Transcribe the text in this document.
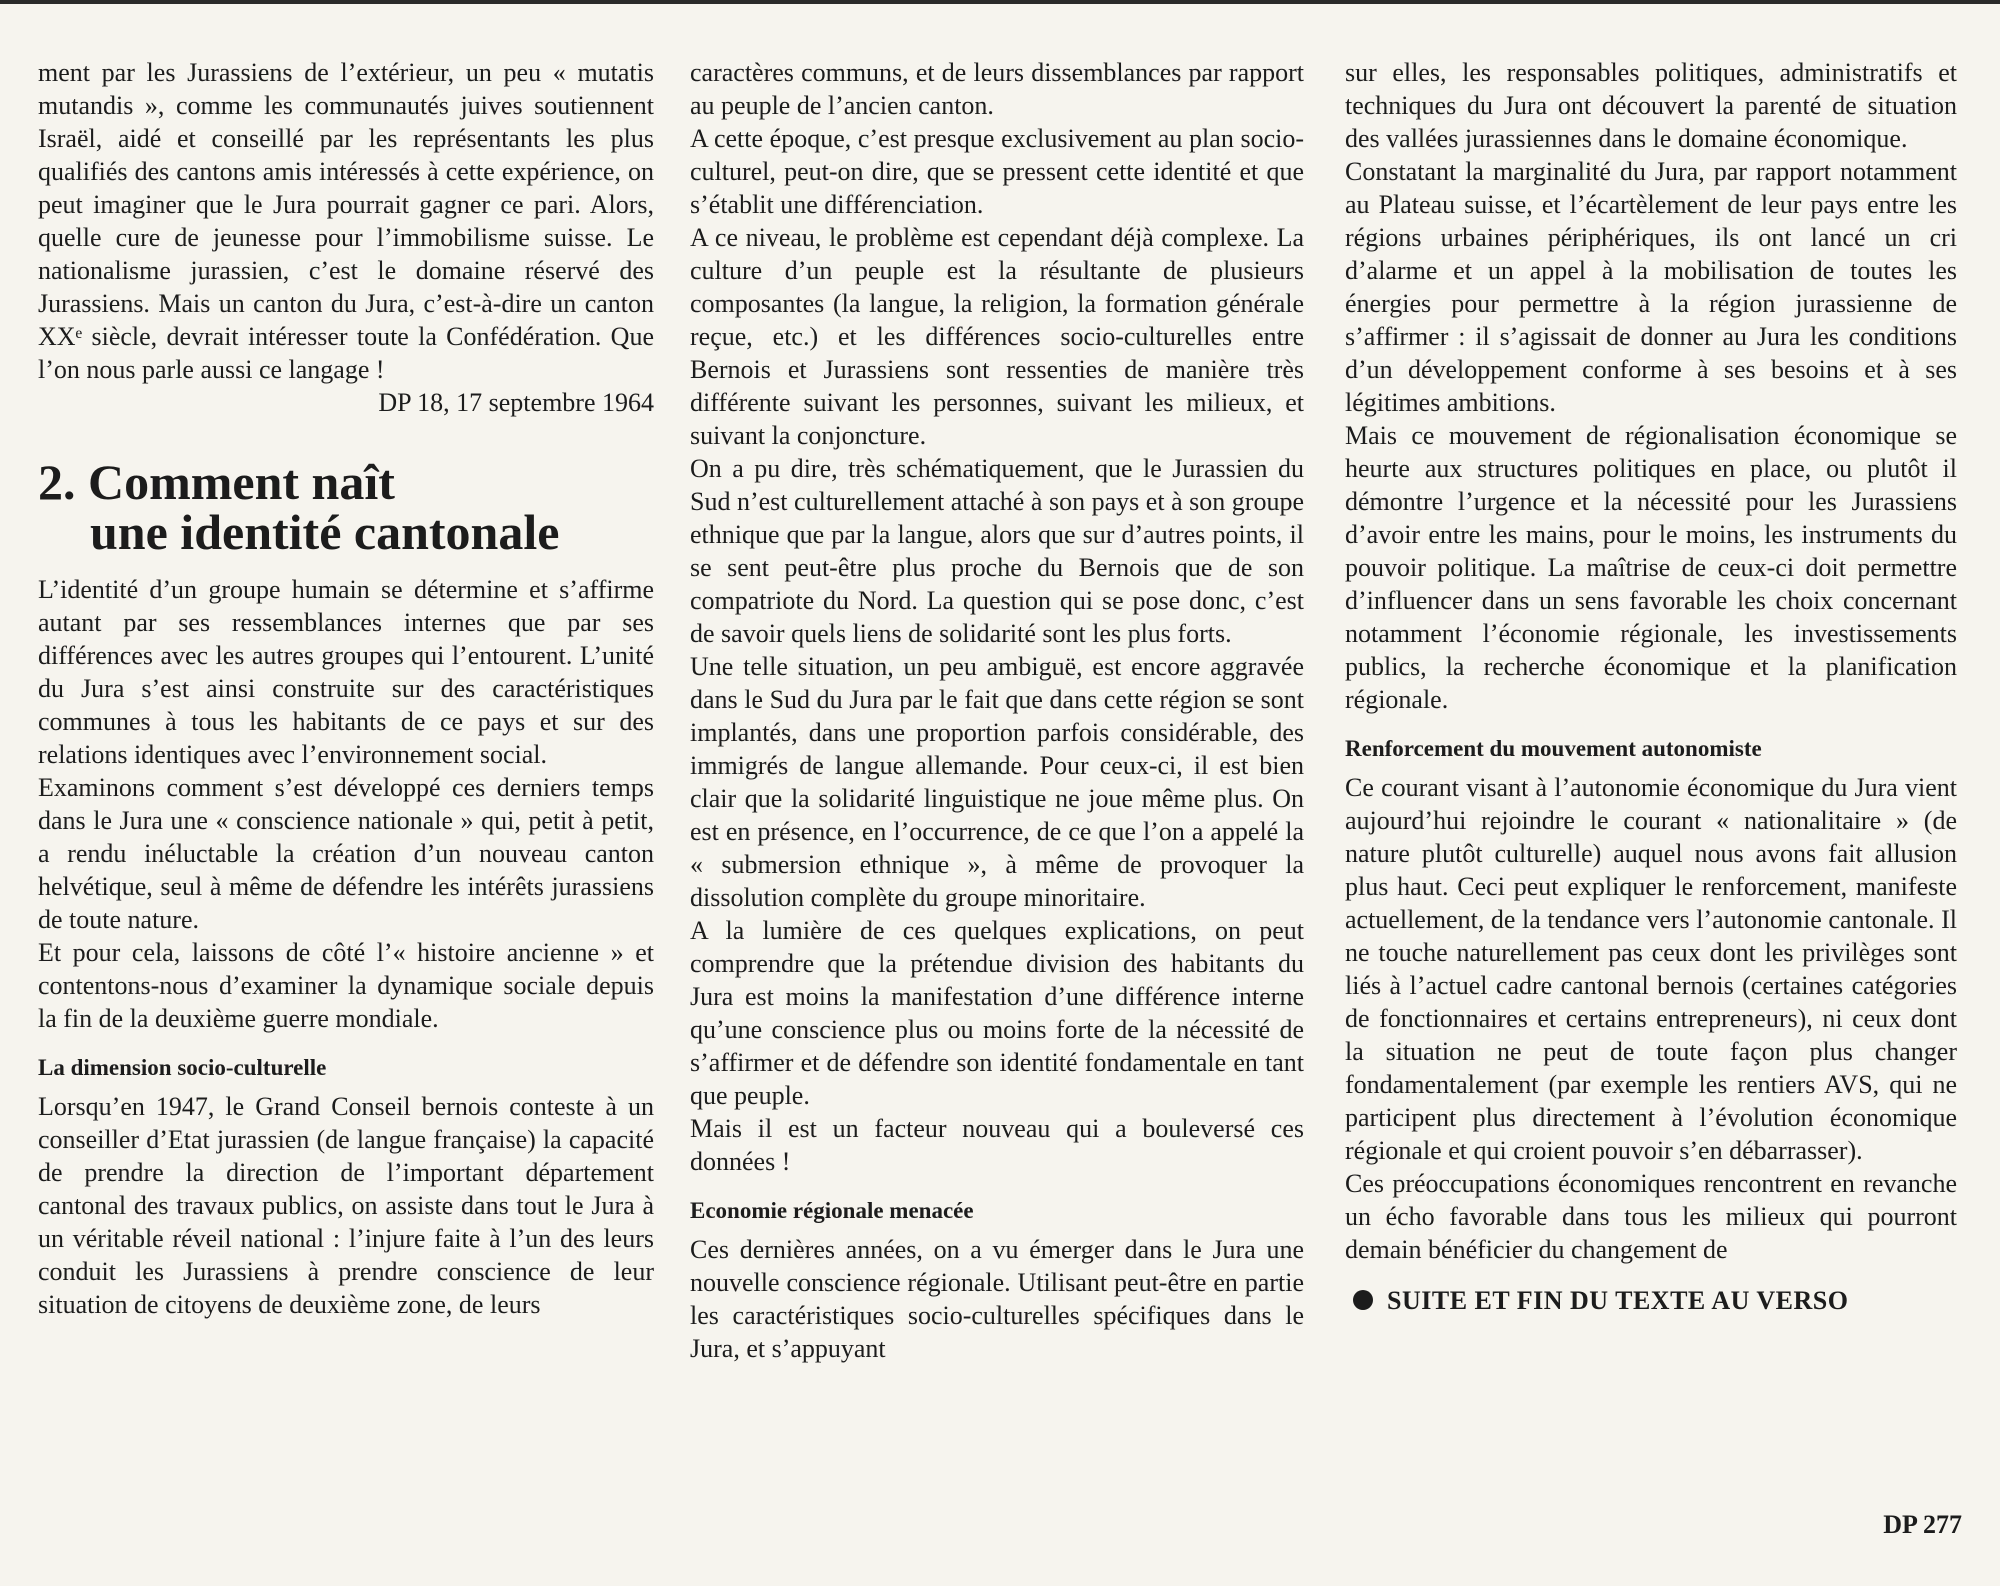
ment par les Jurassiens de l’extérieur, un peu « mutatis mutandis », comme les communautés juives soutiennent Israël, aidé et conseillé par les représentants les plus qualifiés des cantons amis intéressés à cette expérience, on peut imaginer que le Jura pourrait gagner ce pari. Alors, quelle cure de jeunesse pour l’immobilisme suisse. Le nationalisme jurassien, c’est le domaine réservé des Jurassiens. Mais un canton du Jura, c’est-à-dire un canton XXᵉ siècle, devrait intéresser toute la Confédération. Que l’on nous parle aussi ce langage !

DP 18, 17 septembre 1964

2. Comment naît
une identité cantonale

L’identité d’un groupe humain se détermine et s’affirme autant par ses ressemblances internes que par ses différences avec les autres groupes qui l’entourent. L’unité du Jura s’est ainsi construite sur des caractéristiques communes à tous les habitants de ce pays et sur des relations identiques avec l’environnement social.

Examinons comment s’est développé ces derniers temps dans le Jura une « conscience nationale » qui, petit à petit, a rendu inéluctable la création d’un nouveau canton helvétique, seul à même de défendre les intérêts jurassiens de toute nature.

Et pour cela, laissons de côté l’« histoire ancienne » et contentons-nous d’examiner la dynamique sociale depuis la fin de la deuxième guerre mondiale.

La dimension socio-culturelle

Lorsqu’en 1947, le Grand Conseil bernois conteste à un conseiller d’Etat jurassien (de langue française) la capacité de prendre la direction de l’important département cantonal des travaux publics, on assiste dans tout le Jura à un véritable réveil national : l’injure faite à l’un des leurs conduit les Jurassiens à prendre conscience de leur situation de citoyens de deuxième zone, de leurs

caractères communs, et de leurs dissemblances par rapport au peuple de l’ancien canton.

A cette époque, c’est presque exclusivement au plan socio-culturel, peut-on dire, que se pressent cette identité et que s’établit une différenciation.

A ce niveau, le problème est cependant déjà complexe. La culture d’un peuple est la résultante de plusieurs composantes (la langue, la religion, la formation générale reçue, etc.) et les différences socio-culturelles entre Bernois et Jurassiens sont ressenties de manière très différente suivant les personnes, suivant les milieux, et suivant la conjoncture.

On a pu dire, très schématiquement, que le Jurassien du Sud n’est culturellement attaché à son pays et à son groupe ethnique que par la langue, alors que sur d’autres points, il se sent peut-être plus proche du Bernois que de son compatriote du Nord. La question qui se pose donc, c’est de savoir quels liens de solidarité sont les plus forts.

Une telle situation, un peu ambiguë, est encore aggravée dans le Sud du Jura par le fait que dans cette région se sont implantés, dans une proportion parfois considérable, des immigrés de langue allemande. Pour ceux-ci, il est bien clair que la solidarité linguistique ne joue même plus. On est en présence, en l’occurrence, de ce que l’on a appelé la « submersion ethnique », à même de provoquer la dissolution complète du groupe minoritaire.

A la lumière de ces quelques explications, on peut comprendre que la prétendue division des habitants du Jura est moins la manifestation d’une différence interne qu’une conscience plus ou moins forte de la nécessité de s’affirmer et de défendre son identité fondamentale en tant que peuple.

Mais il est un facteur nouveau qui a bouleversé ces données !

Economie régionale menacée

Ces dernières années, on a vu émerger dans le Jura une nouvelle conscience régionale. Utilisant peut-être en partie les caractéristiques socio-culturelles spécifiques dans le Jura, et s’appuyant

sur elles, les responsables politiques, administratifs et techniques du Jura ont découvert la parenté de situation des vallées jurassiennes dans le domaine économique.

Constatant la marginalité du Jura, par rapport notamment au Plateau suisse, et l’écartèlement de leur pays entre les régions urbaines périphériques, ils ont lancé un cri d’alarme et un appel à la mobilisation de toutes les énergies pour permettre à la région jurassienne de s’affirmer : il s’agissait de donner au Jura les conditions d’un développement conforme à ses besoins et à ses légitimes ambitions.

Mais ce mouvement de régionalisation économique se heurte aux structures politiques en place, ou plutôt il démontre l’urgence et la nécessité pour les Jurassiens d’avoir entre les mains, pour le moins, les instruments du pouvoir politique. La maîtrise de ceux-ci doit permettre d’influencer dans un sens favorable les choix concernant notamment l’économie régionale, les investissements publics, la recherche économique et la planification régionale.

Renforcement du mouvement autonomiste

Ce courant visant à l’autonomie économique du Jura vient aujourd’hui rejoindre le courant « nationalitaire » (de nature plutôt culturelle) auquel nous avons fait allusion plus haut. Ceci peut expliquer le renforcement, manifeste actuellement, de la tendance vers l’autonomie cantonale. Il ne touche naturellement pas ceux dont les privilèges sont liés à l’actuel cadre cantonal bernois (certaines catégories de fonctionnaires et certains entrepreneurs), ni ceux dont la situation ne peut de toute façon plus changer fondamentalement (par exemple les rentiers AVS, qui ne participent plus directement à l’évolution économique régionale et qui croient pouvoir s’en débarrasser).

Ces préoccupations économiques rencontrent en revanche un écho favorable dans tous les milieux qui pourront demain bénéficier du changement de

SUITE ET FIN DU TEXTE AU VERSO
DP 277
